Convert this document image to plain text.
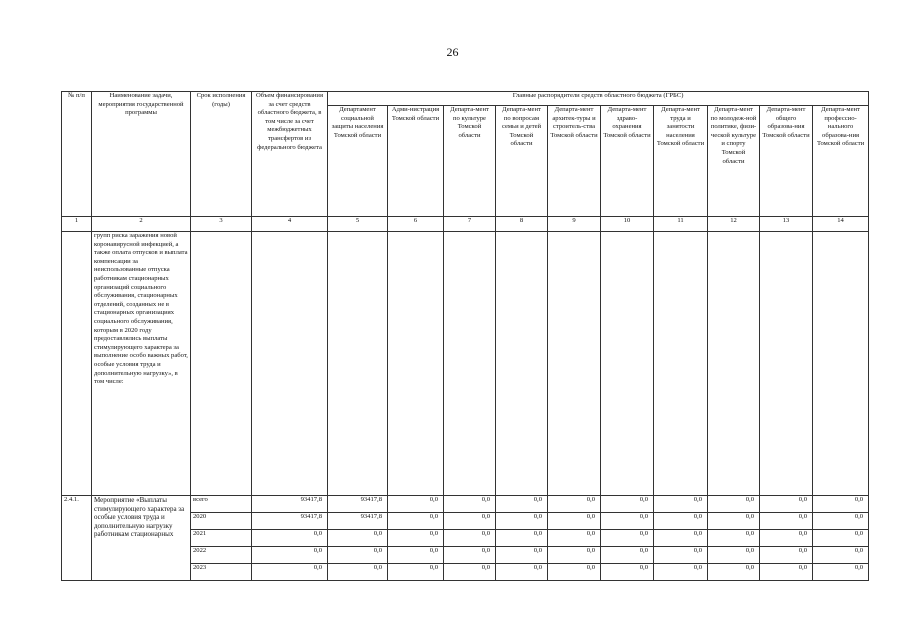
26
№ п/п	Наименование задачи, мероприятия государственной программы	Срок исполнения (годы)	Объем финансирования за счет средств областного бюджета, в том числе за счет межбюджетных трансфертов из федерального бюджета	Главные распорядители средств областного бюджета (ГРБС)									
				Департамент социальной защиты населения Томской области	Адми-нистрация Томской области	Департа-мент по культуре Томской области	Департа-мент по вопросам семьи и детей Томской области	Департа-мент архитек-туры и строитель-ства Томской области	Департа-мент здраво-охранения Томской области	Департа-мент труда и занятости населения Томской области	Департа-мент по молодеж-ной политике, физи-ческой культуре и спорту Томской области	Департа-мент общего образова-ния Томской области	Департа-мент профессио-нального образова-ния Томской области
1	2	3	4	5	6	7	8	9	10	11	12	13	14
	групп риска заражения новой коронавирусной инфекцией, а также оплата отпусков и выплата компенсации за неиспользованные отпуска работникам стационарных организаций социального обслуживания, стационарных отделений, созданных не в стационарных организациях социального обслуживания, которым в 2020 году предоставлялись выплаты стимулирующего характера за выполнение особо важных работ, особые условия труда и дополнительную нагрузку», в том числе:												
2.4.1.	Мероприятие «Выплаты стимулирующего характера за особые условия труда и дополнительную нагрузку работникам стационарных	всего	93417,8	93417,8	0,0	0,0	0,0	0,0	0,0	0,0	0,0	0,0	0,0
		2020	93417,8	93417,8	0,0	0,0	0,0	0,0	0,0	0,0	0,0	0,0	0,0
		2021	0,0	0,0	0,0	0,0	0,0	0,0	0,0	0,0	0,0	0,0	0,0
		2022	0,0	0,0	0,0	0,0	0,0	0,0	0,0	0,0	0,0	0,0	0,0
		2023	0,0	0,0	0,0	0,0	0,0	0,0	0,0	0,0	0,0	0,0	0,0
